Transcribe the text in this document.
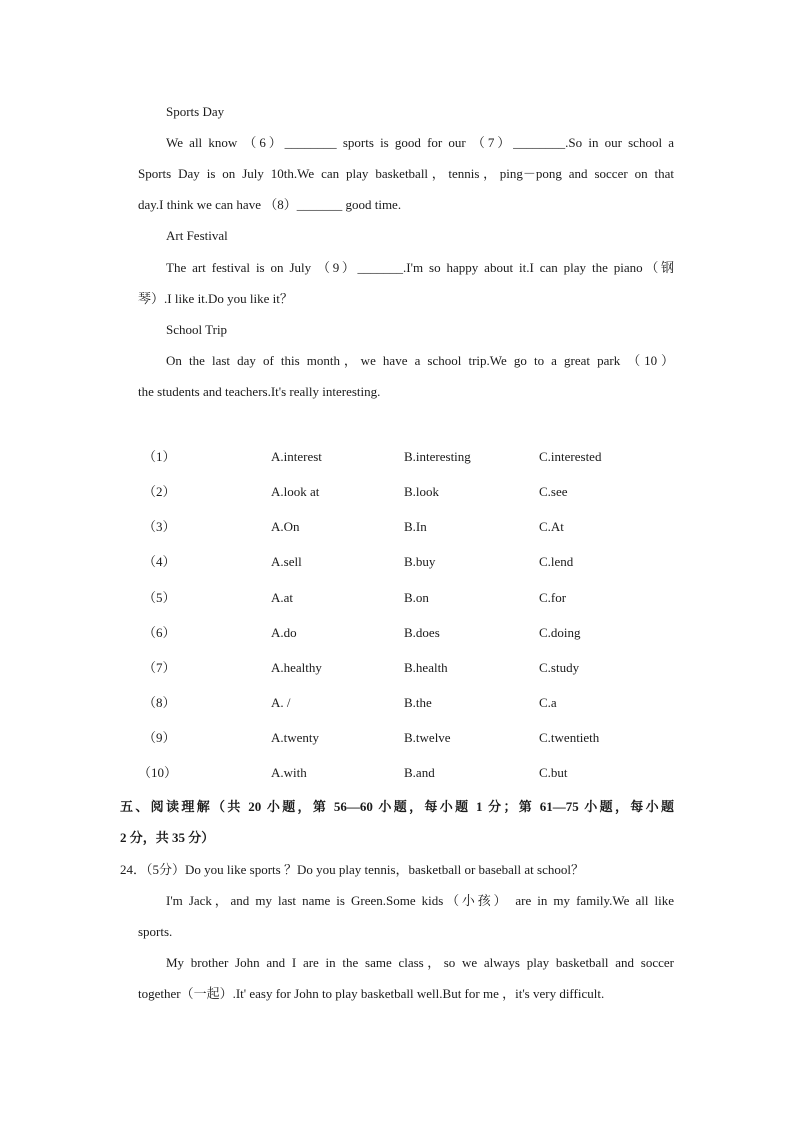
Sports Day
We all know （6）________ sports is good for our （7）________.So in our school a
Sports Day is on July 10th.We can play basketball，tennis，ping－pong and soccer on that
day.I think we can have （8）_______ good time.
Art Festival
The art festival is on July （9）_______.I'm so happy about it.I can play the piano（钢
琴）.I like it.Do you like it？
School Trip
On the last day of this month，we have a school trip.We go to a great park （10）
the students and teachers.It's really interesting.
（1）	A.interest	B.interesting	C.interested
（2）	A.look at	B.look	C.see
（3）	A.On	B.In	C.At
（4）	A.sell	B.buy	C.lend
（5）	A.at	B.on	C.for
（6）	A.do	B.does	C.doing
（7）	A.healthy	B.health	C.study
（8）	A. /	B.the	C.a
（9）	A.twenty	B.twelve	C.twentieth
（10）	A.with	B.and	C.but
五、阅读理解（共 20 小题，第 56—60 小题，每小题 1 分；第 61—75 小题，每小题
2 分，共 35 分）
24．（5分）Do you like sports ？Do you play tennis，basketball or baseball at school？
I'm Jack，and my last name is Green.Some kids（小孩） are in my family.We all like
sports.
My brother John and I are in the same class，so we always play basketball and soccer
together（一起）.It' easy for John to play basketball well.But for me ，it's very difficult.
